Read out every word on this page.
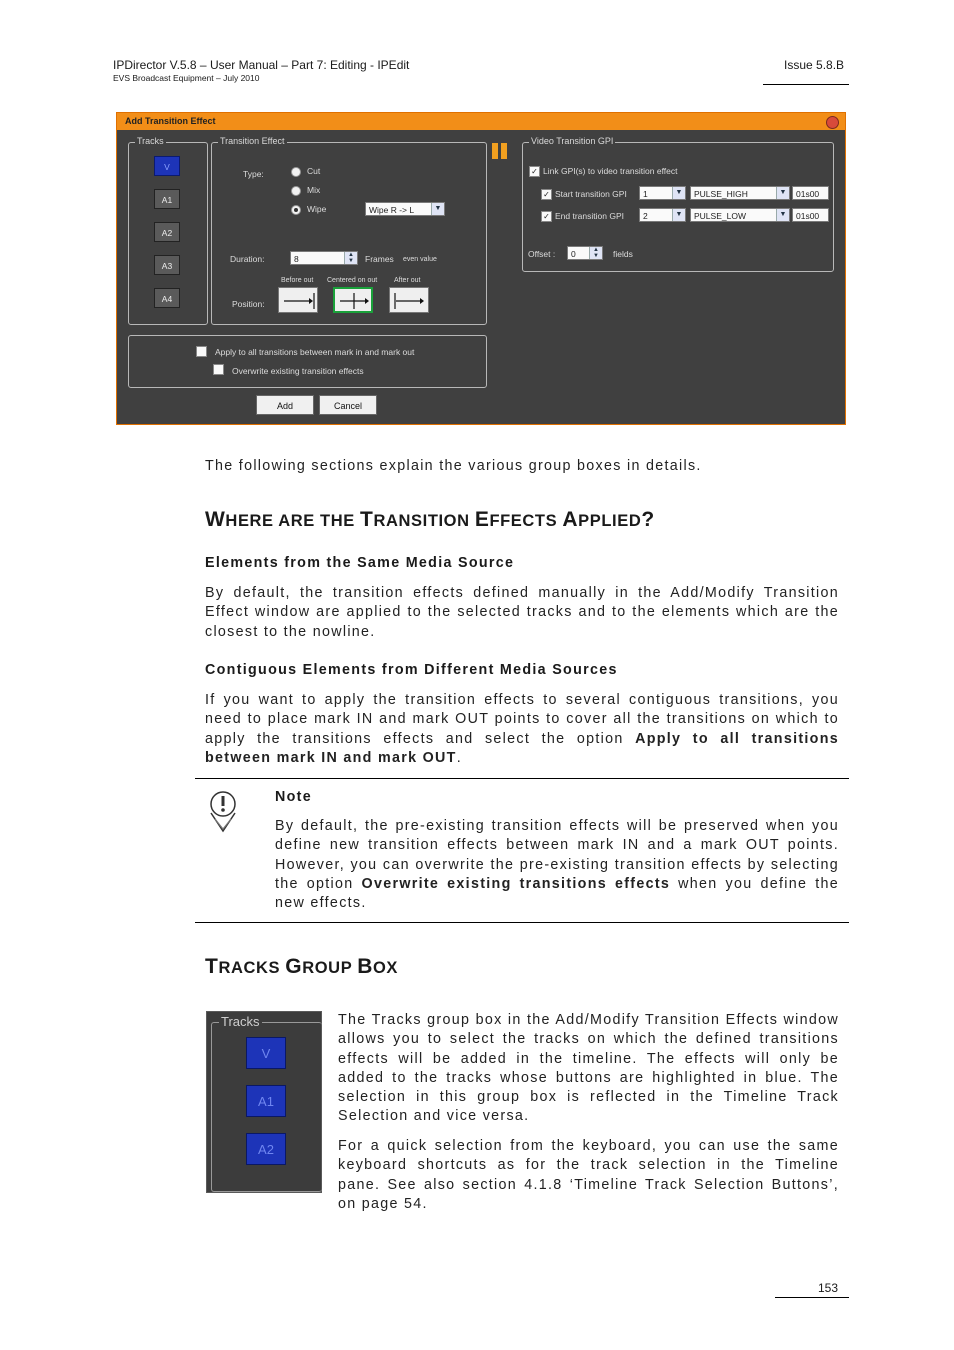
IPDirector V.5.8 – User Manual – Part 7: Editing - IPEdit
EVS Broadcast Equipment – July 2010
Issue 5.8.B
Add Transition Effect
Tracks
V
A1
A2
A3
A4
Transition Effect
Type:	Cut
Mix
Wipe	Wipe R -> L	▼
Duration:	8	▲
▼	Frames even value
Before out Centered on out After out
Position:
Video Transition GPI
✓ Link GPI(s) to video transition effect
✓ Start transition GPI	1	▼	PULSE_HIGH	▼	01s00
✓ End transition GPI	2	▼	PULSE_LOW	▼	01s00
Offset :	0	▲
▼	fields
Apply to all transitions between mark in and mark out
Overwrite existing transition effects
Add	Cancel
The following sections explain the various group boxes in details.
WHERE ARE THE TRANSITION EFFECTS APPLIED?
Elements from the Same Media Source
By default, the transition effects defined manually in the Add/Modify Transition Effect window are applied to the selected tracks and to the elements which are the closest to the nowline.
Contiguous Elements from Different Media Sources
If you want to apply the transition effects to several contiguous transitions, you need to place mark IN and mark OUT points to cover all the transitions on which to apply the transitions effects and select the option Apply to all transitions between mark IN and mark OUT.
Note
By default, the pre-existing transition effects will be preserved when you define new transition effects between mark IN and a mark OUT points. However, you can overwrite the pre-existing transition effects by selecting the option Overwrite existing transitions effects when you define the new effects.
TRACKS GROUP BOX
Tracks
V
A1
A2
The Tracks group box in the Add/Modify Transition Effects window allows you to select the tracks on which the defined transitions effects will be added in the timeline. The effects will only be added to the tracks whose buttons are highlighted in blue. The selection in this group box is reflected in the Timeline Track Selection and vice versa.
For a quick selection from the keyboard, you can use the same keyboard shortcuts as for the track selection in the Timeline pane. See also section 4.1.8 ‘Timeline Track Selection Buttons’, on page 54.
153
